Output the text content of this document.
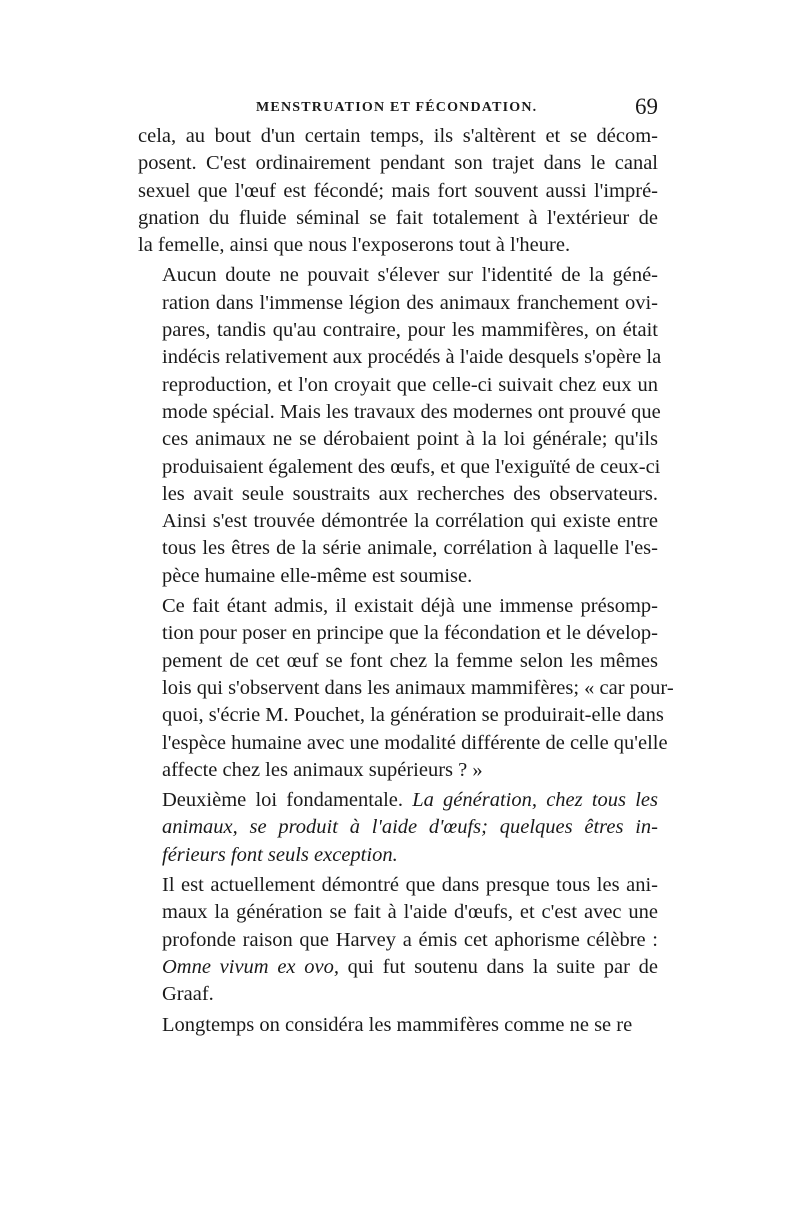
MENSTRUATION ET FÉCONDATION.	69

cela, au bout d'un certain temps, ils s'altèrent et se décom-
posent. C'est ordinairement pendant son trajet dans le canal
sexuel que l'œuf est fécondé; mais fort souvent aussi l'impré-
gnation du fluide séminal se fait totalement à l'extérieur de
la femelle, ainsi que nous l'exposerons tout à l'heure.

Aucun doute ne pouvait s'élever sur l'identité de la géné-
ration dans l'immense légion des animaux franchement ovi-
pares, tandis qu'au contraire, pour les mammifères, on était
indécis relativement aux procédés à l'aide desquels s'opère la
reproduction, et l'on croyait que celle-ci suivait chez eux un
mode spécial. Mais les travaux des modernes ont prouvé que
ces animaux ne se dérobaient point à la loi générale; qu'ils
produisaient également des œufs, et que l'exiguïté de ceux-ci
les avait seule soustraits aux recherches des observateurs.
Ainsi s'est trouvée démontrée la corrélation qui existe entre
tous les êtres de la série animale, corrélation à laquelle l'es-
pèce humaine elle-même est soumise.

Ce fait étant admis, il existait déjà une immense présomp-
tion pour poser en principe que la fécondation et le dévelop-
pement de cet œuf se font chez la femme selon les mêmes
lois qui s'observent dans les animaux mammifères; « car pour-
quoi, s'écrie M. Pouchet, la génération se produirait-elle dans
l'espèce humaine avec une modalité différente de celle qu'elle
affecte chez les animaux supérieurs ? »

Deuxième loi fondamentale. La génération, chez tous les
animaux, se produit à l'aide d'œufs; quelques êtres in-
férieurs font seuls exception.

Il est actuellement démontré que dans presque tous les ani-
maux la génération se fait à l'aide d'œufs, et c'est avec une
profonde raison que Harvey a émis cet aphorisme célèbre :
Omne vivum ex ovo, qui fut soutenu dans la suite par de
Graaf.

Longtemps on considéra les mammifères comme ne se re
